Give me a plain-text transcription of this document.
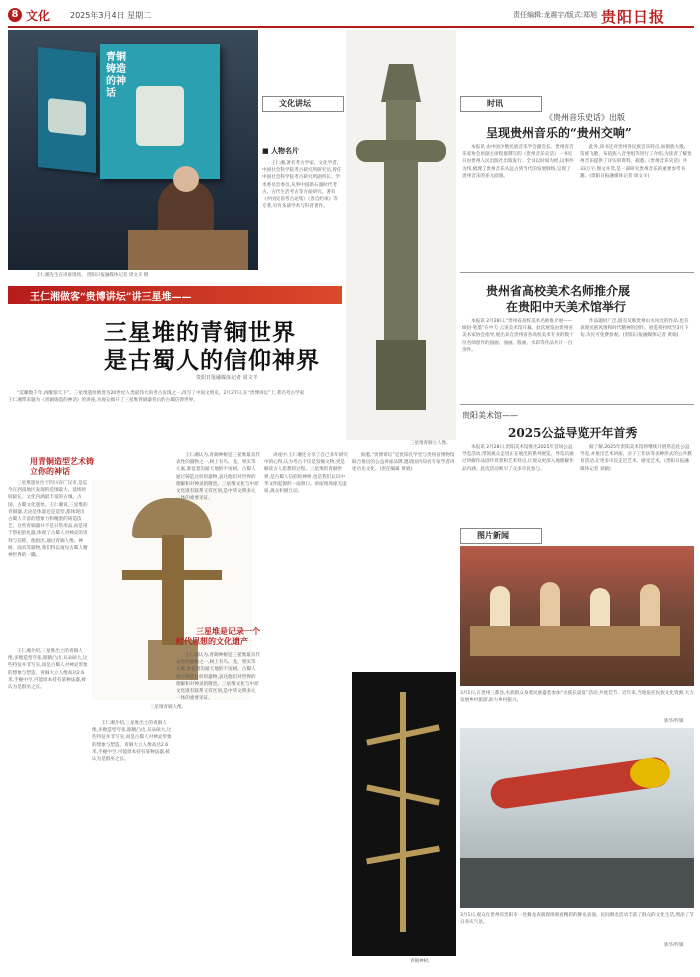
8 文化 2025年3月4日 星期二	责任编辑:龙震宇/版式:郑旭 贵阳日报
青铜铸造的神话
王仁湘先生在讲座现场。 贵阳日报融媒体记者 周文羊 摄
文化讲坛
■ 人物名片
王仁湘,著名考古学家、文化学者,中国社会科学院考古研究所研究员,曾任中国社会科学院考古研究所副所长、学术委员会委员,从事中国新石器时代考古、古代生活考古等方面研究。著有《中国史前考古论集》《善自约束》等专著,另有多部学术与科普著作。
王仁湘做客“贵博讲坛”讲三星堆——
三星堆的青铜世界
是古蜀人的信仰神界
贵阳日报融媒体记者 周文羊
“沉睡数千年,再醒惊天下”。三星堆遗址被誉为20世纪人类最伟大的考古发现之一,改写了中国文明史。2月27日,在“贵博讲坛”上,著名考古学家王仁湘带来题为《青铜铸造的神话》的讲座,为观众揭开了三星堆青铜器背后的古蜀信仰世界。
三星堆青铜立人像。
时讯
《贵州音乐史话》出版
呈现贵州音乐的“贵州交响”
本报讯 由中国少数民族音乐学会副会长、贵州省音乐家协会原副主席程群撰写的《贵州音乐史话》一书近日由贵州人民出版社出版发行。全书以时间为经,以事件为纬,梳理了贵州音乐从远古到当代的发展脉络,呈现了贵州音乐的多元面貌。
此外,该书还对贵州各民族音乐特点,如侗族大歌、苗族飞歌、布依族八音坐唱等进行了介绍,为读者了解贵州音乐提供了详实的资料。据悉,《贵州音乐史话》共33万字,图文并茂,是一部研究贵州音乐的重要参考书籍。(贵阳日报融媒体记者 周文羊)
贵州省高校美术名师推介展
在贵阳中天美术馆举行
本报讯 2月28日,“贵州省高校美术名师推介展——缤纷·笔墨”在中天·云顶美术馆开幕。此次展览由贵州省美术家协会指导,展出来自贵州省各高校美术专业的数十位名师创作的国画、油画、版画、水彩等作品共计一百余件。
作品题材广泛,既有反映贵州山水风光的作品,也有表现民族风情和时代精神的创作。展览将持续至3月下旬,市民可免费参观。(贵阳日报融媒体记者 黄娟)
贵阳美术馆——
2025公益导览开年首秀
本报讯 2月28日,贵阳美术馆推出2025年首场公益导览活动,带领观众走进正在展出的系列展览。导览员通过讲解作品创作背景和艺术特点,让观众更深入地理解作品内涵。此次活动吸引了众多市民参与。
据了解,2025年贵阳美术馆将继续开展常态化公益导览,并推出艺术讲座、亲子工作坊等多种形式的公共教育活动,让更多市民走近艺术、感受艺术。(贵阳日报融媒体记者 刘镇)
用青铜造型艺术铸
立你的神话
三星堆遗址位于四川省广汉市,是迄今在西南地区发现的范围最大、延续时间最长、文化内涵最丰富的古城、古国、古蜀文化遗址。王仁湘说,三星堆的青铜器,无论是体量还是造型,都体现出古蜀人丰富的想象力和精湛的铸造技艺。这些青铜器并不是日常用品,而是用于祭祀的礼器,体现了古蜀人对神灵的崇拜与信仰。他指出,通过青铜人像、神树、面具等器物,我们得以窥见古蜀人精神世界的一隅。
三星堆青铜人像。
王仁湘介绍,三星堆出土的青铜人像,多数造型夸张,眼睛凸出,耳朵硕大,这些特征并非写实,而是古蜀人对神灵形象的想象与塑造。青铜大立人像高达2.6米,手握中空,可能原本持有某种法器,被认为是群巫之长。
王仁湘介绍,三星堆出土的青铜人像,多数造型夸张,眼睛凸出,耳朵硕大,这些特征并非写实,而是古蜀人对神灵形象的想象与塑造。青铜大立人像高达2.6米,手握中空,可能原本持有某种法器,被认为是群巫之长。
王仁湘认为,青铜神树是三星堆最具代表性的器物之一,树上有鸟、龙、果实等元素,象征着沟通天地的宇宙树。古蜀人通过铸造这样的器物,表达他们对世界的理解和对神灵的敬畏。三星堆文化与中原文化既有联系又有区别,是中华文明多元一体的重要见证。
三星堆是记录一个
时代思想的文化遗产
王仁湘认为,青铜神树是三星堆最具代表性的器物之一,树上有鸟、龙、果实等元素,象征着沟通天地的宇宙树。古蜀人通过铸造这样的器物,表达他们对世界的理解和对神灵的敬畏。三星堆文化与中原文化既有联系又有区别,是中华文明多元一体的重要见证。
讲座中,王仁湘还分享了自己多年研究中的心得,认为考古不仅是发掘文物,更是解读古人思想的过程。三星堆的青铜世界,是古蜀人信仰的神界,也是我们认识中华文明起源的一扇窗口。讲座现场座无虚席,观众积极互动。
青铜神树。
据悉,“贵博讲坛”是贵阳孔学堂与贵州省博物馆联合推出的公益讲座品牌,邀请国内知名专家学者讲述历史文化。(责任编辑 黄娟)
图片新闻
3月1日,在贵州三都县,水族群众身着民族盛装参加“水族长桌宴”活动,共度佳节。近年来,当地依托民族文化资源,大力发展乡村旅游,助力乡村振兴。
新华/传媒
3月1日,观众在贵州省贵阳市一处舞龙表演现场观看精彩的舞龙表演。民间舞龙活动丰富了群众的文化生活,增添了节日喜庆气氛。
新华/传媒
